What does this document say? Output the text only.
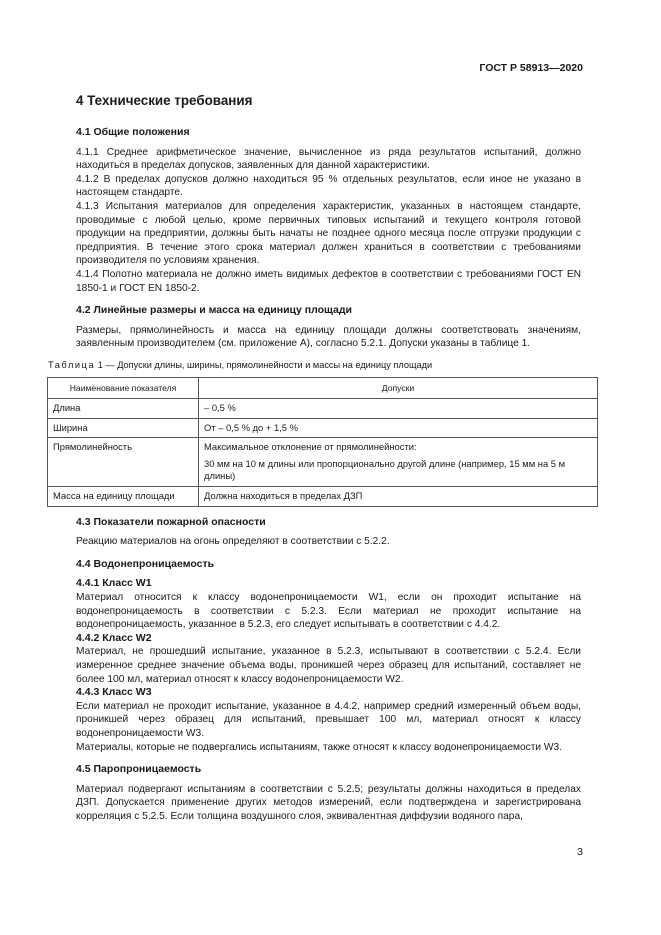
ГОСТ Р 58913—2020
4 Технические требования
4.1 Общие положения

4.1.1 Среднее арифметическое значение, вычисленное из ряда результатов испытаний, должно находиться в пределах допусков, заявленных для данной характеристики.

4.1.2 В пределах допусков должно находиться 95 % отдельных результатов, если иное не указано в настоящем стандарте.

4.1.3 Испытания материалов для определения характеристик, указанных в настоящем стандарте, проводимые с любой целью, кроме первичных типовых испытаний и текущего контроля готовой продукции на предприятии, должны быть начаты не позднее одного месяца после отгрузки продукции с предприятия. В течение этого срока материал должен храниться в соответствии с требованиями производителя по условиям хранения.

4.1.4 Полотно материала не должно иметь видимых дефектов в соответствии с требованиями ГОСТ EN 1850-1 и ГОСТ EN 1850-2.

4.2 Линейные размеры и масса на единицу площади

Размеры, прямолинейность и масса на единицу площади должны соответствовать значениям, заявленным производителем (см. приложение А), согласно 5.2.1. Допуски указаны в таблице 1.

Таблица 1 — Допуски длины, ширины, прямолинейности и массы на единицу площади
Наименование показателя	Допуски
Длина	– 0,5 %
Ширина	От – 0,5 % до + 1,5 %
Прямолинейность	Максимальное отклонение от прямолинейности:
30 мм на 10 м длины или пропорционально другой длине (например, 15 мм на 5 м длины)

Масса на единицу площади	Должна находиться в пределах ДЗП
4.3 Показатели пожарной опасности

Реакцию материалов на огонь определяют в соответствии с 5.2.2.

4.4 Водонепроницаемость
4.4.1 Класс W1

Материал относится к классу водонепроницаемости W1, если он проходит испытание на водонепроницаемость в соответствии с 5.2.3. Если материал не проходит испытание на водонепроницаемость, указанное в 5.2.3, его следует испытывать в соответствии с 4.4.2.

4.4.2 Класс W2

Материал, не прошедший испытание, указанное в 5.2.3, испытывают в соответствии с 5.2.4. Если измеренное среднее значение объема воды, проникшей через образец для испытаний, составляет не более 100 мл, материал относят к классу водонепроницаемости W2.

4.4.3 Класс W3

Если материал не проходит испытание, указанное в 4.4.2, например средний измеренный объем воды, проникшей через образец для испытаний, превышает 100 мл, материал относят к классу водонепроницаемости W3.

Материалы, которые не подвергались испытаниям, также относят к классу водонепроницаемости W3.

4.5 Паропроницаемость

Материал подвергают испытаниям в соответствии с 5.2.5; результаты должны находиться в пределах ДЗП. Допускается применение других методов измерений, если подтверждена и зарегистрирована корреляция с 5.2.5. Если толщина воздушного слоя, эквивалентная диффузии водяного пара,

3
